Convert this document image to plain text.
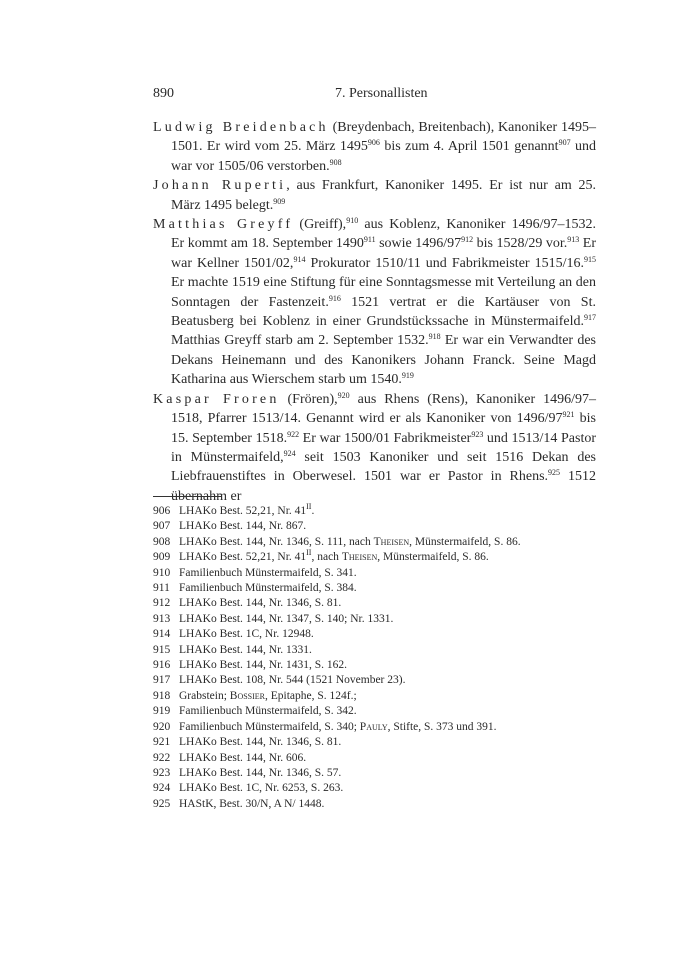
890	7. Personallisten

Ludwig Breidenbach (Breydenbach, Breitenbach), Kanoniker 1495–1501. Er wird vom 25. März 1495$^{906}$ bis zum 4. April 1501 genannt$^{907}$ und war vor 1505/06 verstorben.$^{908}$

Johann Ruperti, aus Frankfurt, Kanoniker 1495. Er ist nur am 25. März 1495 belegt.$^{909}$

Matthias Greyff (Greiff),$^{910}$ aus Koblenz, Kanoniker 1496/97–1532. Er kommt am 18. September 1490$^{911}$ sowie $1496/97^{912}$ bis 1528/29 vor.$^{913}$ Er war Kellner 1501/02,$^{914}$ Prokurator 1510/11 und Fabrikmeister 1515/16.$^{915}$ Er machte 1519 eine Stiftung für eine Sonntagsmesse mit Verteilung an den Sonntagen der Fastenzeit.$^{916}$ 1521 vertrat er die Kartäuser von St. Beatusberg bei Koblenz in einer Grundstückssache in Münstermaifeld.$^{917}$ Matthias Greyff starb am 2. September 1532.$^{918}$ Er war ein Verwandter des Dekans Heinemann und des Kanonikers Johann Franck. Seine Magd Katharina aus Wierschem starb um 1540.$^{919}$

Kaspar Froren (Frören),$^{920}$ aus Rhens (Rens), Kanoniker 1496/97–1518, Pfarrer 1513/14. Genannt wird er als Kanoniker von $1496/97^{921}$ bis 15. September 1518.$^{922}$ Er war 1500/01 Fabrikmeister$^{923}$ und 1513/14 Pastor in Münstermaifeld,$^{924}$ seit 1503 Kanoniker und seit 1516 Dekan des Liebfrauenstiftes in Oberwesel. 1501 war er Pastor in Rhens.$^{925}$ 1512 übernahm er

906 LHAKo Best. 52,21, Nr. $41^{II}$.
907 LHAKo Best. 144, Nr. 867.
908 LHAKo Best. 144, Nr. 1346, S. 111, nach Theisen, Münstermaifeld, S. 86.
909 LHAKo Best. 52,21, Nr. $41^{II}$, nach Theisen, Münstermaifeld, S. 86.
910 Familienbuch Münstermaifeld, S. 341.
911 Familienbuch Münstermaifeld, S. 384.
912 LHAKo Best. 144, Nr. 1346, S. 81.
913 LHAKo Best. 144, Nr. 1347, S. 140; Nr. 1331.
914 LHAKo Best. 1C, Nr. 12948.
915 LHAKo Best. 144, Nr. 1331.
916 LHAKo Best. 144, Nr. 1431, S. 162.
917 LHAKo Best. 108, Nr. 544 (1521 November 23).
918 Grabstein; Bossier, Epitaphe, S. 124f.;
919 Familienbuch Münstermaifeld, S. 342.
920 Familienbuch Münstermaifeld, S. 340; Pauly, Stifte, S. 373 und 391.
921 LHAKo Best. 144, Nr. 1346, S. 81.
922 LHAKo Best. 144, Nr. 606.
923 LHAKo Best. 144, Nr. 1346, S. 57.
924 LHAKo Best. 1C, Nr. 6253, S. 263.
925 HAStK, Best. 30/N, A N/ 1448.
